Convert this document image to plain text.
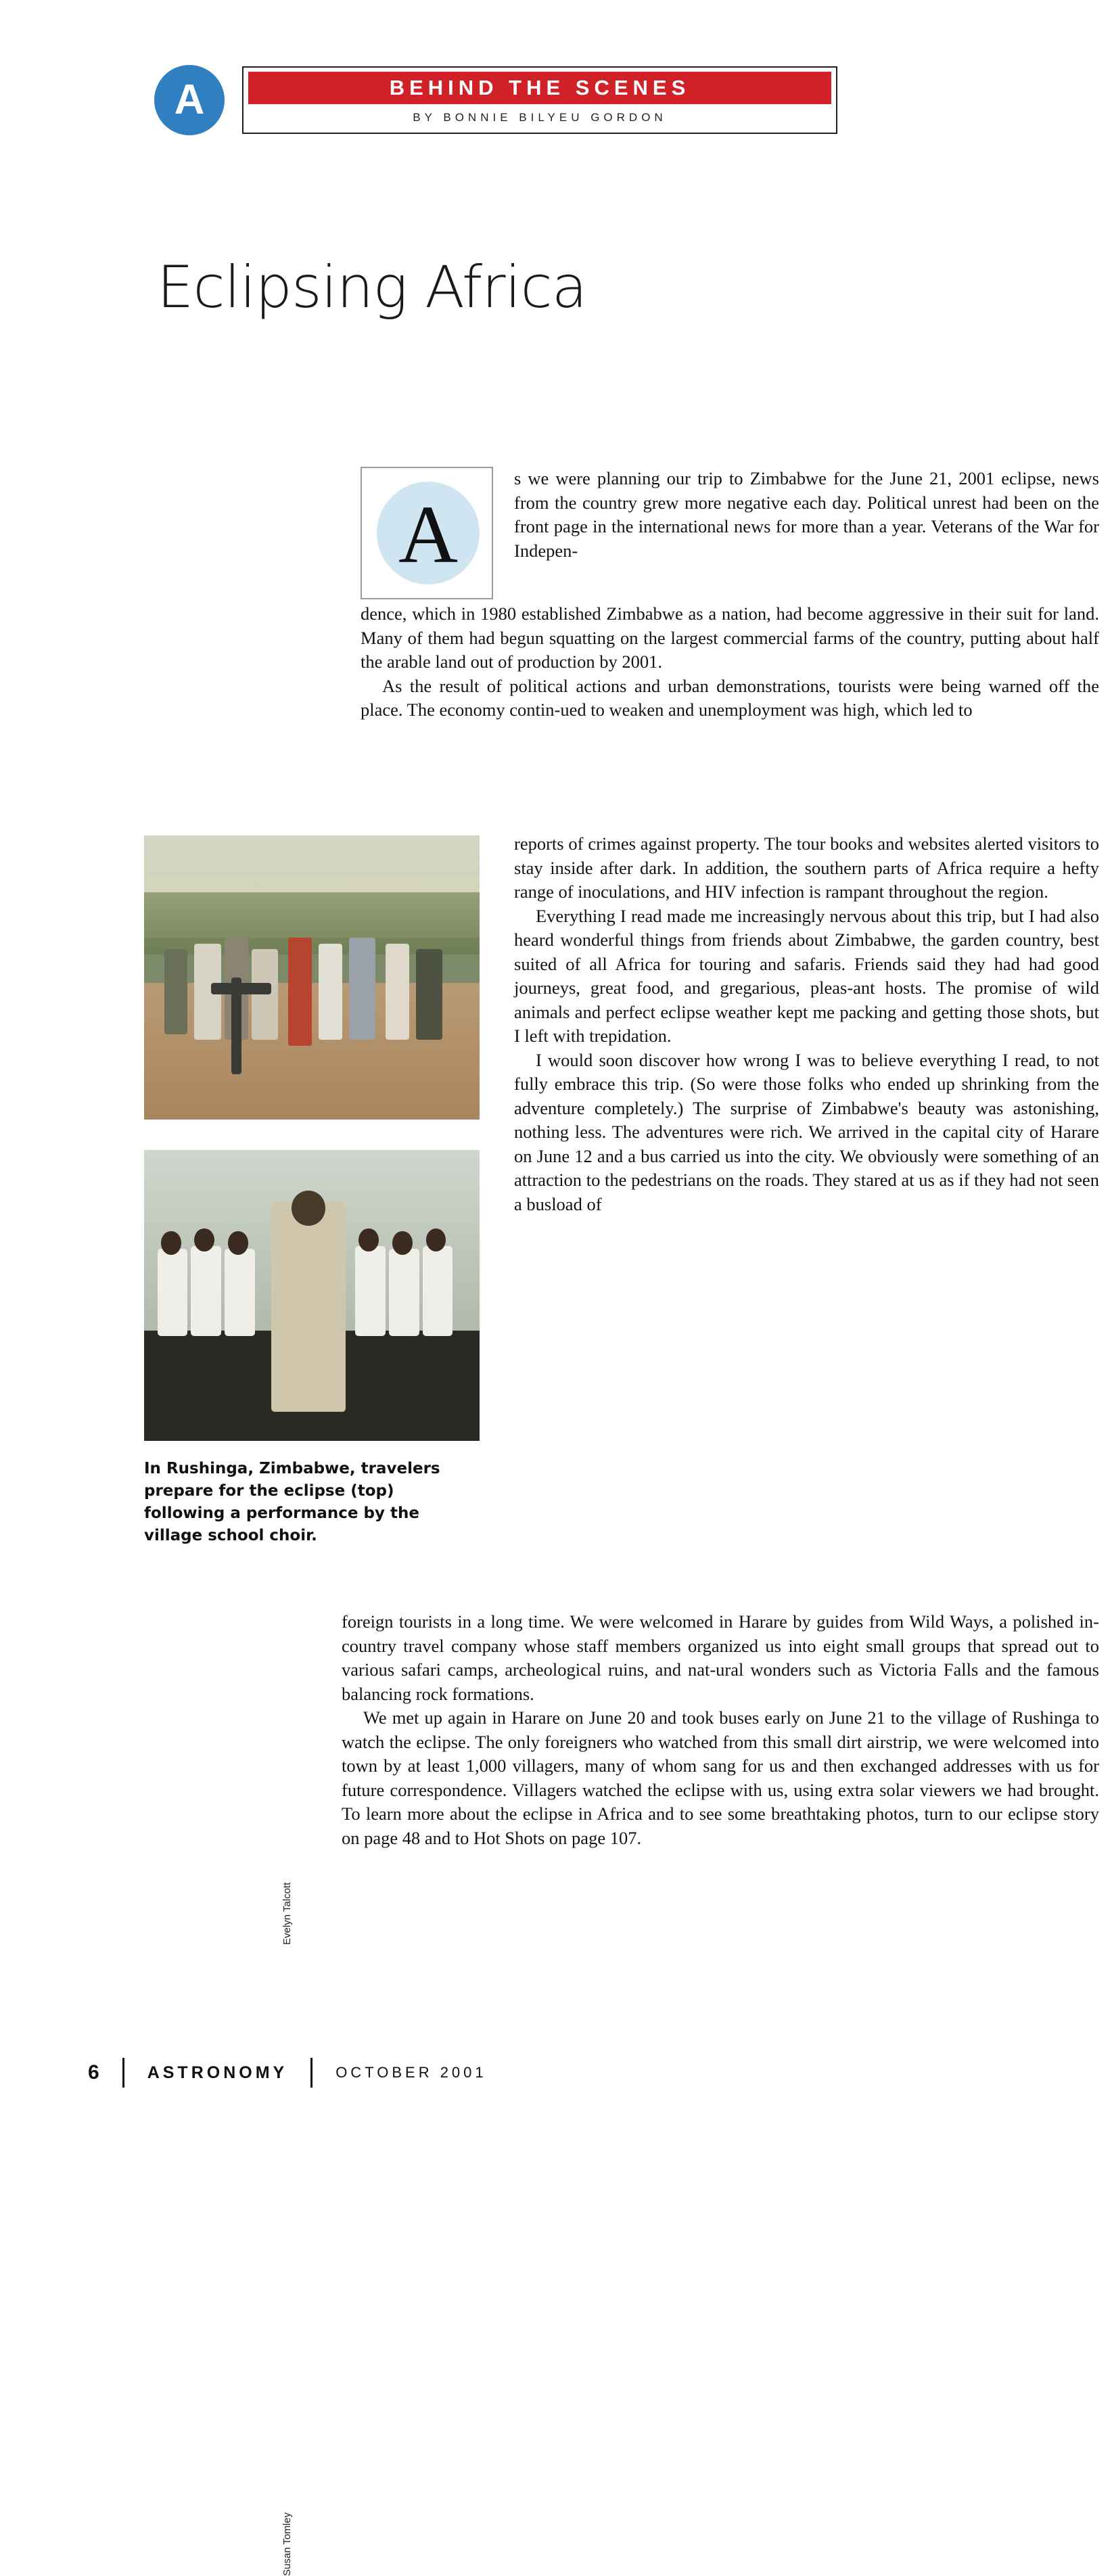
A	BEHIND THE SCENES
BY BONNIE BILYEU GORDON
Eclipsing Africa
A

s we were planning our trip to Zimbabwe for the June 21, 2001 eclipse, news from the country grew more negative each day. Political unrest had been on the front page in the international news for more than a year. Veterans of the War for Indepen-

dence, which in 1980 established Zimbabwe as a nation, had become aggressive in their suit for land. Many of them had begun squatting on the largest commercial farms of the country, putting about half the arable land out of production by 2001.

As the result of political actions and urban demonstrations, tourists were being warned off the place. The economy contin-ued to weaken and unemployment was high, which led to

Evelyn Talcott
Susan Tomley
In Rushinga, Zimbabwe, travelers prepare for the eclipse (top) following a performance by the village school choir.

reports of crimes against property. The tour books and websites alerted visitors to stay inside after dark. In addition, the southern parts of Africa require a hefty range of inoculations, and HIV infection is rampant throughout the region.

Everything I read made me increasingly nervous about this trip, but I had also heard wonderful things from friends about Zimbabwe, the garden country, best suited of all Africa for touring and safaris. Friends said they had had good journeys, great food, and gregarious, pleas-ant hosts. The promise of wild animals and perfect eclipse weather kept me packing and getting those shots, but I left with trepidation.

I would soon discover how wrong I was to believe everything I read, to not fully embrace this trip. (So were those folks who ended up shrinking from the adventure completely.) The surprise of Zimbabwe's beauty was astonishing, nothing less. The adventures were rich. We arrived in the capital city of Harare on June 12 and a bus carried us into the city. We obviously were something of an attraction to the pedestrians on the roads. They stared at us as if they had not seen a busload of

foreign tourists in a long time. We were welcomed in Harare by guides from Wild Ways, a polished in-country travel company whose staff members organized us into eight small groups that spread out to various safari camps, archeological ruins, and nat-ural wonders such as Victoria Falls and the famous balancing rock formations.

We met up again in Harare on June 20 and took buses early on June 21 to the village of Rushinga to watch the eclipse. The only foreigners who watched from this small dirt airstrip, we were welcomed into town by at least 1,000 villagers, many of whom sang for us and then exchanged addresses with us for future correspondence. Villagers watched the eclipse with us, using extra solar viewers we had brought. To learn more about the eclipse in Africa and to see some breathtaking photos, turn to our eclipse story on page 48 and to Hot Shots on page 107.

6	ASTRONOMY	OCTOBER 2001
